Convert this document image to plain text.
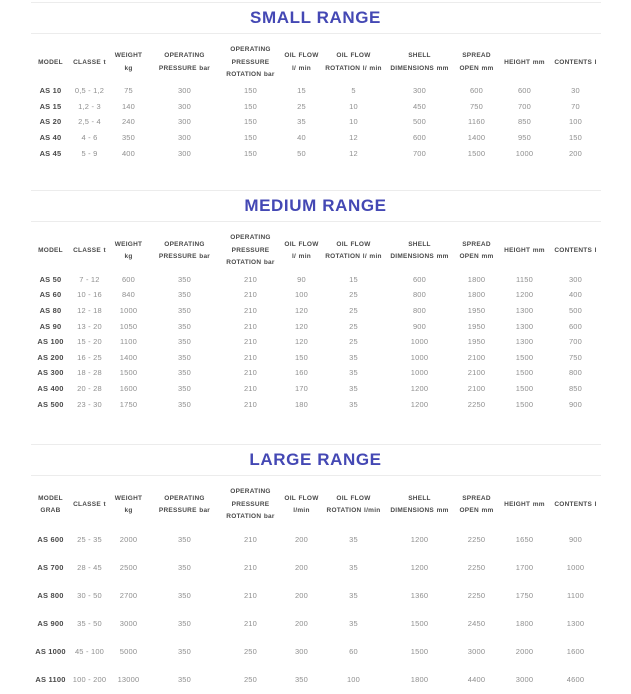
SMALL RANGE
MODEL	CLASSE t	WEIGHT kg	OPERATING PRESSURE bar	OPERATING PRESSURE ROTATION bar	OIL FLOW l/ min	OIL FLOW ROTATION l/ min	SHELL DIMENSIONS mm	SPREAD OPEN mm	HEIGHT mm	CONTENTS l
AS 10	0,5 - 1,2	75	300	150	15	5	300	600	600	30
AS 15	1,2 - 3	140	300	150	25	10	450	750	700	70
AS 20	2,5 - 4	240	300	150	35	10	500	1160	850	100
AS 40	4 - 6	350	300	150	40	12	600	1400	950	150
AS 45	5 - 9	400	300	150	50	12	700	1500	1000	200
MEDIUM RANGE
MODEL	CLASSE t	WEIGHT kg	OPERATING PRESSURE bar	OPERATING PRESSURE ROTATION bar	OIL FLOW l/ min	OIL FLOW ROTATION l/ min	SHELL DIMENSIONS mm	SPREAD OPEN mm	HEIGHT mm	CONTENTS l
AS 50	7 - 12	600	350	210	90	15	600	1800	1150	300
AS 60	10 - 16	840	350	210	100	25	800	1800	1200	400
AS 80	12 - 18	1000	350	210	120	25	800	1950	1300	500
AS 90	13 - 20	1050	350	210	120	25	900	1950	1300	600
AS 100	15 - 20	1100	350	210	120	25	1000	1950	1300	700
AS 200	16 - 25	1400	350	210	150	35	1000	2100	1500	750
AS 300	18 - 28	1500	350	210	160	35	1000	2100	1500	800
AS 400	20 - 28	1600	350	210	170	35	1200	2100	1500	850
AS 500	23 - 30	1750	350	210	180	35	1200	2250	1500	900
LARGE RANGE
MODEL GRAB	CLASSE t	WEIGHT kg	OPERATING PRESSURE bar	OPERATING PRESSURE ROTATION bar	OIL FLOW l/min	OIL FLOW ROTATION l/min	SHELL DIMENSIONS mm	SPREAD OPEN mm	HEIGHT mm	CONTENTS l
AS 600	25 - 35	2000	350	210	200	35	1200	2250	1650	900
AS 700	28 - 45	2500	350	210	200	35	1200	2250	1700	1000
AS 800	30 - 50	2700	350	210	200	35	1360	2250	1750	1100
AS 900	35 - 50	3000	350	210	200	35	1500	2450	1800	1300
AS 1000	45 - 100	5000	350	250	300	60	1500	3000	2000	1600
AS 1100	100 - 200	13000	350	250	350	100	1800	4400	3000	4600
